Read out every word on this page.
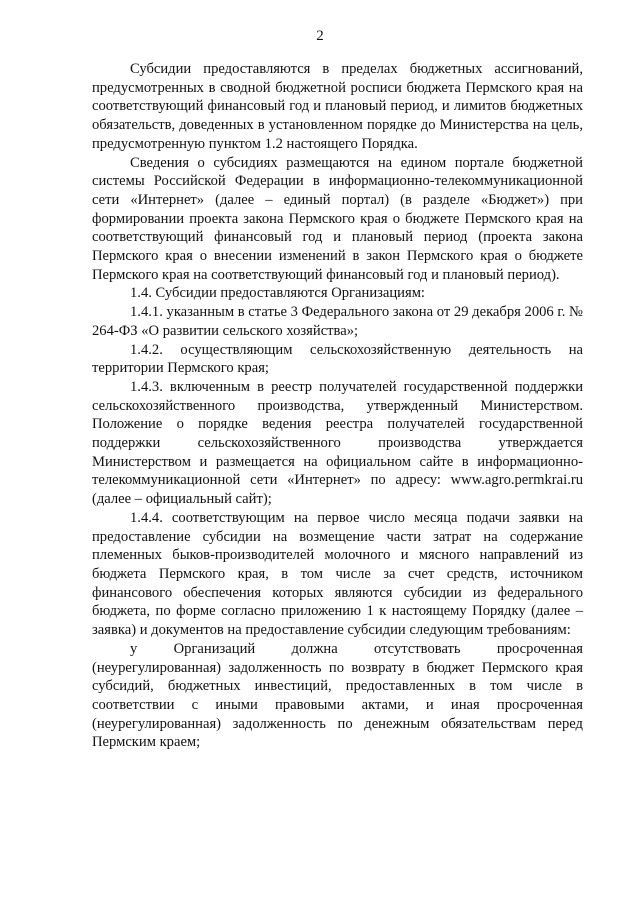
2

Субсидии предоставляются в пределах бюджетных ассигнований, предусмотренных в сводной бюджетной росписи бюджета Пермского края на соответствующий финансовый год и плановый период, и лимитов бюджетных обязательств, доведенных в установленном порядке до Министерства на цель, предусмотренную пунктом 1.2 настоящего Порядка.

Сведения о субсидиях размещаются на едином портале бюджетной системы Российской Федерации в информационно-телекоммуникационной сети «Интернет» (далее – единый портал) (в разделе «Бюджет») при формировании проекта закона Пермского края о бюджете Пермского края на соответствующий финансовый год и плановый период (проекта закона Пермского края о внесении изменений в закон Пермского края о бюджете Пермского края на соответствующий финансовый год и плановый период).

1.4. Субсидии предоставляются Организациям:

1.4.1. указанным в статье 3 Федерального закона от 29 декабря 2006 г. № 264-ФЗ «О развитии сельского хозяйства»;

1.4.2. осуществляющим сельскохозяйственную деятельность на территории Пермского края;

1.4.3. включенным в реестр получателей государственной поддержки сельскохозяйственного производства, утвержденный Министерством. Положение о порядке ведения реестра получателей государственной поддержки сельскохозяйственного производства утверждается Министерством и размещается на официальном сайте в информационно-телекоммуникационной сети «Интернет» по адресу: www.agro.permkrai.ru (далее – официальный сайт);

1.4.4. соответствующим на первое число месяца подачи заявки на предоставление субсидии на возмещение части затрат на содержание племенных быков-производителей молочного и мясного направлений из бюджета Пермского края, в том числе за счет средств, источником финансового обеспечения которых являются субсидии из федерального бюджета, по форме согласно приложению 1 к настоящему Порядку (далее – заявка) и документов на предоставление субсидии следующим требованиям:

у Организаций должна отсутствовать просроченная (неурегулированная) задолженность по возврату в бюджет Пермского края субсидий, бюджетных инвестиций, предоставленных в том числе в соответствии с иными правовыми актами, и иная просроченная (неурегулированная) задолженность по денежным обязательствам перед Пермским краем;
